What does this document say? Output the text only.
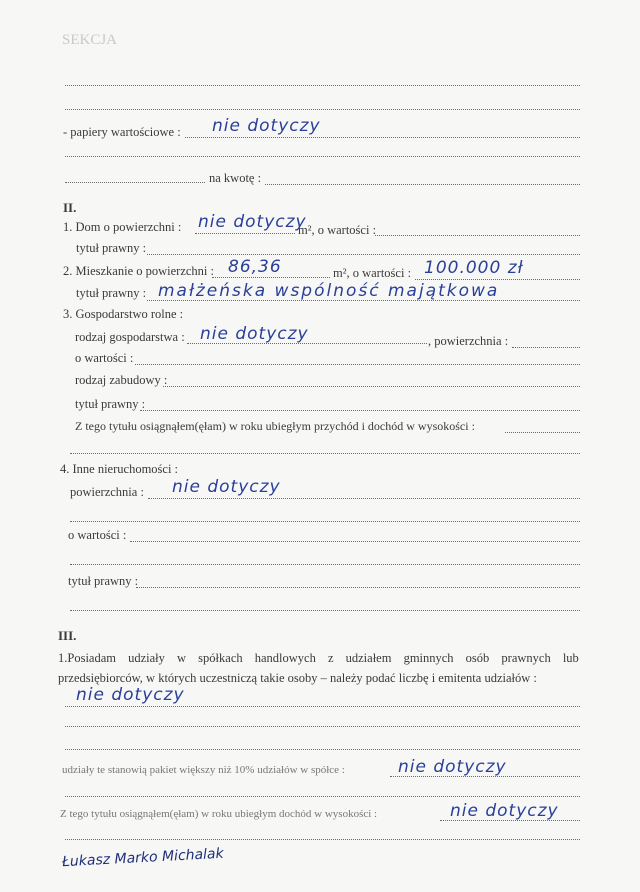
SEKCJA
- papiery wartościowe : nie dotyczy
na kwotę :
II.
1. Dom o powierzchni : nie dotyczy
m², o wartości :
tytuł prawny :
2. Mieszkanie o powierzchni : 86,36	m², o wartości : 100.000 zł
tytuł prawny : małżeńska wspólność majątkowa
3. Gospodarstwo rolne :
rodzaj gospodarstwa : nie dotyczy	, powierzchnia :
o wartości :
rodzaj zabudowy :
tytuł prawny :
Z tego tytułu osiągnąłem(ęłam) w roku ubiegłym przychód i dochód w wysokości :
4. Inne nieruchomości :
powierzchnia : nie dotyczy
o wartości :
tytuł prawny :
III.
1.Posiadam udziały w spółkach handlowych z udziałem gminnych osób prawnych lub
przedsiębiorców, w których uczestniczą takie osoby – należy podać liczbę i emitenta udziałów :
nie dotyczy
udziały te stanowią pakiet większy niż 10% udziałów w spółce :	nie dotyczy
Z tego tytułu osiągnąłem(ęłam) w roku ubiegłym dochód w wysokości :	nie dotyczy
Łukasz Marko Michalak
